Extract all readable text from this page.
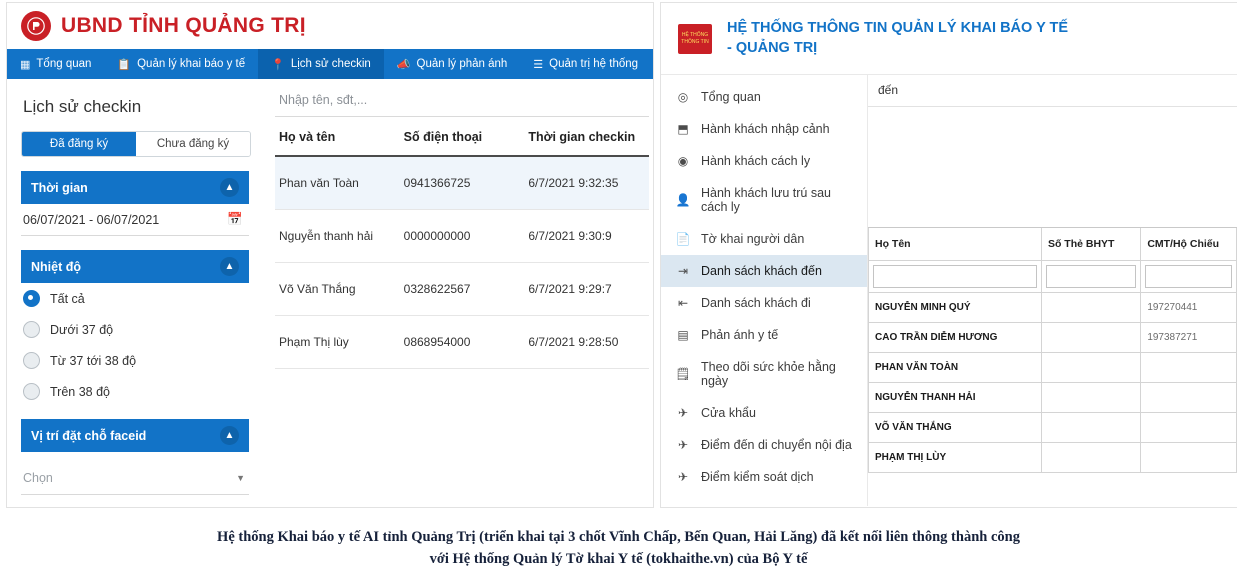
UBND TỈNH QUẢNG TRỊ
▦ Tổng quan 📋 Quản lý khai báo y tế 📍 Lịch sử checkin 📣 Quản lý phản ánh ☰ Quản trị hệ thống
Lịch sử checkin
Đã đăng ký	Chưa đăng ký
Thời gian	▲
06/07/2021 - 06/07/2021	📅
Nhiệt độ	▲
Tất cả
Dưới 37 độ
Từ 37 tới 38 độ
Trên 38 độ
Vị trí đặt chỗ faceid	▲
Chọn	▼
Nhập tên, sđt,...
Họ và tên	Số điện thoại	Thời gian checkin
Phan văn Toàn	0941366725	6/7/2021 9:32:35
Nguyễn thanh hải	0000000000	6/7/2021 9:30:9
Võ Văn Thắng	0328622567	6/7/2021 9:29:7
Phạm Thị lùy	0868954000	6/7/2021 9:28:50
HỆ THỐNG THÔNG TIN
HỆ THỐNG THÔNG TIN QUẢN LÝ KHAI BÁO Y TẾ
- QUẢNG TRỊ
◎ Tổng quan
⬒ Hành khách nhập cảnh
◉ Hành khách cách ly
👤 Hành khách lưu trú sau cách ly
📄 Tờ khai người dân
⇥ Danh sách khách đến
⇤ Danh sách khách đi
▤ Phản ánh y tế
🗒 Theo dõi sức khỏe hằng ngày
✈ Cửa khẩu
✈ Điểm đến di chuyển nội địa
✈ Điểm kiểm soát dịch
đến
Họ Tên	Số Thẻ BHYT	CMT/Hộ Chiếu

NGUYỄN MINH QUÝ		197270441
CAO TRẦN DIỄM HƯƠNG		197387271
PHAN VĂN TOÀN		
NGUYỄN THANH HẢI		
VÕ VĂN THẮNG		
PHẠM THỊ LÙY		
Hệ thống Khai báo y tế AI tỉnh Quảng Trị (triển khai tại 3 chốt Vĩnh Chấp, Bến Quan, Hải Lăng) đã kết nối liên thông thành công
với Hệ thống Quản lý Tờ khai Y tế (tokhaithe.vn) của Bộ Y tế
